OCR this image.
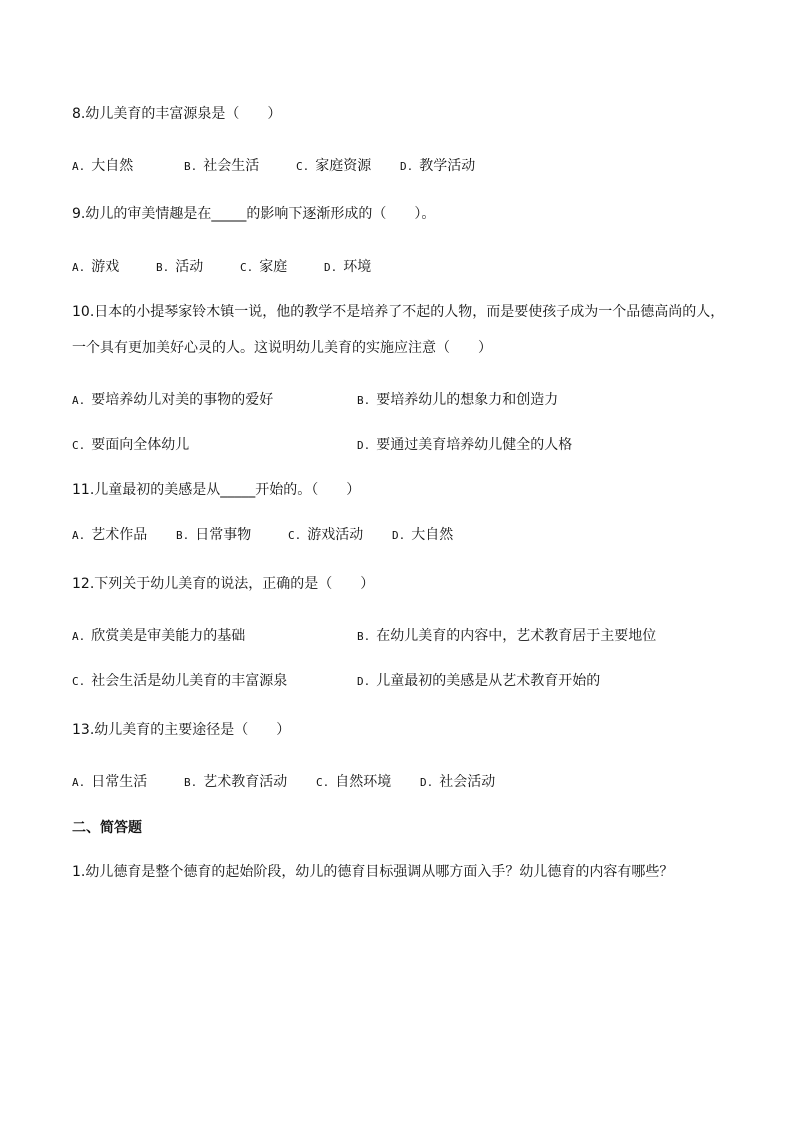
8.幼儿美育的丰富源泉是（　　）
A. 大自然	B. 社会生活	C. 家庭资源	D. 教学活动
9.幼儿的审美情趣是在_____的影响下逐渐形成的（　　）。
A. 游戏	B. 活动	C. 家庭	D. 环境
10.日本的小提琴家铃木镇一说，他的教学不是培养了不起的人物，而是要使孩子成为一个品德高尚的人，
一个具有更加美好心灵的人。这说明幼儿美育的实施应注意（　　）
A. 要培养幼儿对美的事物的爱好	B. 要培养幼儿的想象力和创造力
C. 要面向全体幼儿	D. 要通过美育培养幼儿健全的人格
11.儿童最初的美感是从_____开始的。（　　）
A. 艺术作品	B. 日常事物	C. 游戏活动	D. 大自然
12.下列关于幼儿美育的说法，正确的是（　　）
A. 欣赏美是审美能力的基础	B. 在幼儿美育的内容中，艺术教育居于主要地位
C. 社会生活是幼儿美育的丰富源泉	D. 儿童最初的美感是从艺术教育开始的
13.幼儿美育的主要途径是（　　）
A. 日常生活	B. 艺术教育活动	C. 自然环境	D. 社会活动
二、简答题
1.幼儿德育是整个德育的起始阶段，幼儿的德育目标强调从哪方面入手？幼儿德育的内容有哪些？
